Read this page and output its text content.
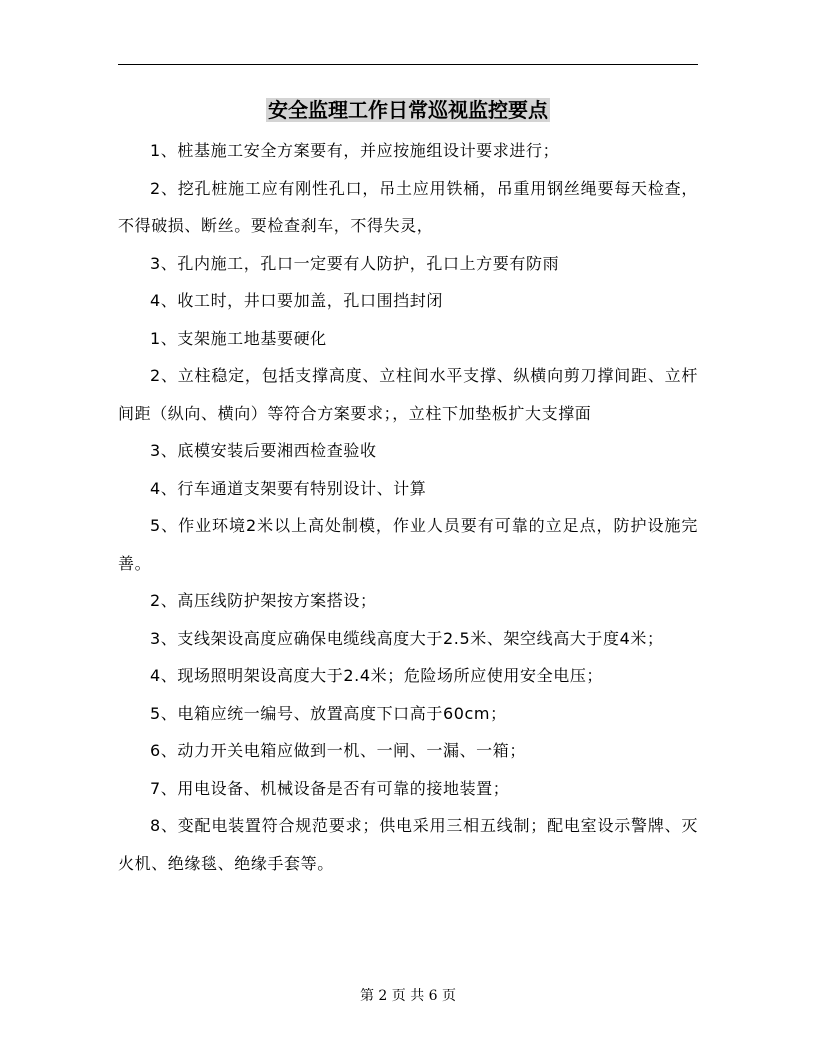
安全监理工作日常巡视监控要点

1、桩基施工安全方案要有，并应按施组设计要求进行；

2、挖孔桩施工应有刚性孔口，吊土应用铁桶，吊重用钢丝绳要每天检查，不得破损、断丝。要检查刹车，不得失灵，

3、孔内施工，孔口一定要有人防护，孔口上方要有防雨

4、收工时，井口要加盖，孔口围挡封闭

1、支架施工地基要硬化

2、立柱稳定，包括支撑高度、立柱间水平支撑、纵横向剪刀撑间距、立杆间距（纵向、横向）等符合方案要求；，立柱下加垫板扩大支撑面

3、底模安装后要湘西检查验收

4、行车通道支架要有特别设计、计算

5、作业环境2米以上高处制模，作业人员要有可靠的立足点，防护设施完善。

2、高压线防护架按方案搭设；

3、支线架设高度应确保电缆线高度大于2.5米、架空线高大于度4米；

4、现场照明架设高度大于2.4米；危险场所应使用安全电压；

5、电箱应统一编号、放置高度下口高于60cm；

6、动力开关电箱应做到一机、一闸、一漏、一箱；

7、用电设备、机械设备是否有可靠的接地装置；

8、变配电装置符合规范要求；供电采用三相五线制；配电室设示警牌、灭火机、绝缘毯、绝缘手套等。

第 2 页 共 6 页
